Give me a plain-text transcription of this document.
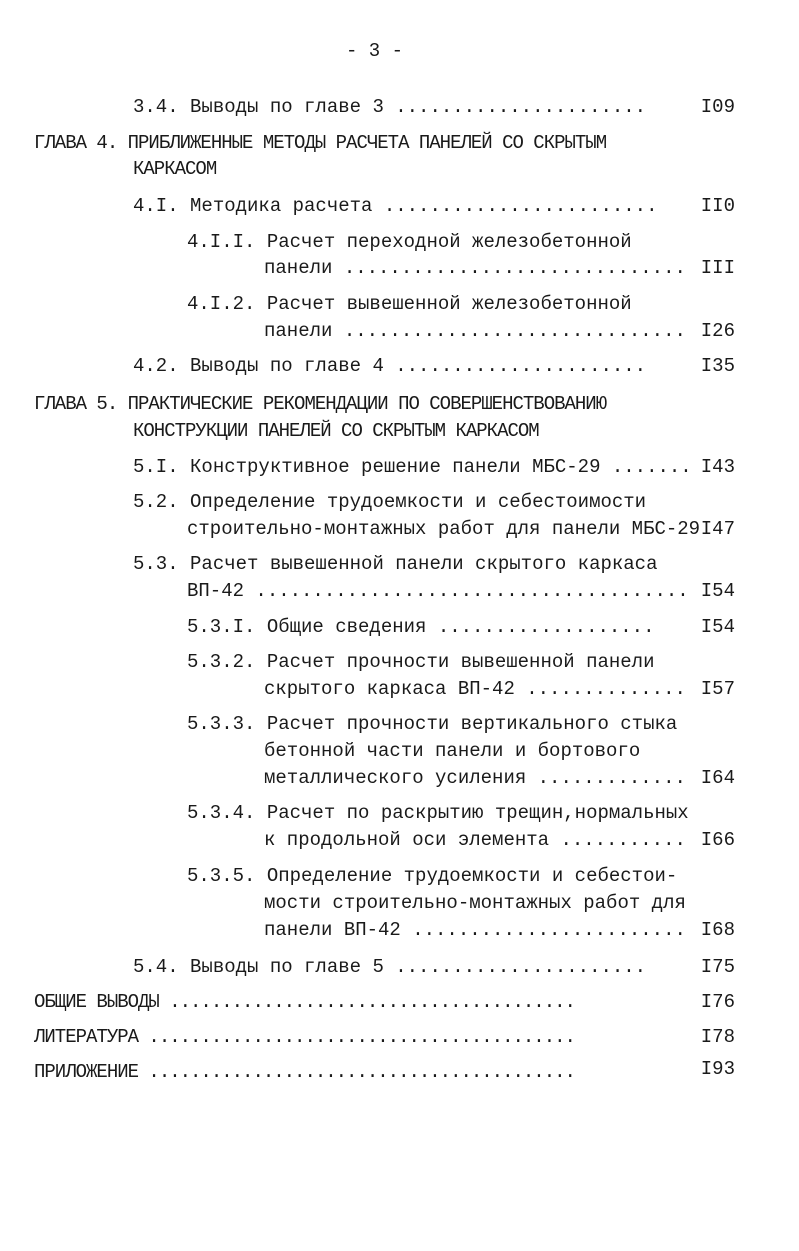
- 3 -
3.4. Выводы по главе 3 ......................	I09
ГЛАВА 4. ПРИБЛИЖЕННЫЕ МЕТОДЫ РАСЧЕТА ПАНЕЛЕЙ СО СКРЫТЫМ
КАРКАСОМ
4.I. Методика расчета ........................ II0
4.I.I. Расчет переходной железобетонной
панели .............................. III
4.I.2. Расчет вывешенной железобетонной
панели .............................. I26
4.2. Выводы по главе 4 ......................	I35
ГЛАВА 5. ПРАКТИЧЕСКИЕ РЕКОМЕНДАЦИИ ПО СОВЕРШЕНСТВОВАНИЮ
КОНСТРУКЦИИ ПАНЕЛЕЙ СО СКРЫТЫМ КАРКАСОМ
5.I. Конструктивное решение панели МБС-29 ....... I43
5.2. Определение трудоемкости и себестоимости
строительно-монтажных работ для панели МБС-29 I47
5.3. Расчет вывешенной панели скрытого каркаса
ВП-42 ...................................... I54
5.3.I. Общие сведения ................... I54
5.3.2. Расчет прочности вывешенной панели
скрытого каркаса ВП-42 .............. I57
5.3.3. Расчет прочности вертикального стыка
бетонной части панели и бортового
металлического усиления ............. I64
5.3.4. Расчет по раскрытию трещин,нормальных
к продольной оси элемента ........... I66
5.3.5. Определение трудоемкости и себестои-
мости строительно-монтажных работ для
панели ВП-42 ........................ I68
5.4. Выводы по главе 5 ......................	I75
ОБЩИЕ ВЫВОДЫ .......................................	I76
ЛИТЕРАТУРА .........................................	I78
ПРИЛОЖЕНИЕ .........................................	I93
